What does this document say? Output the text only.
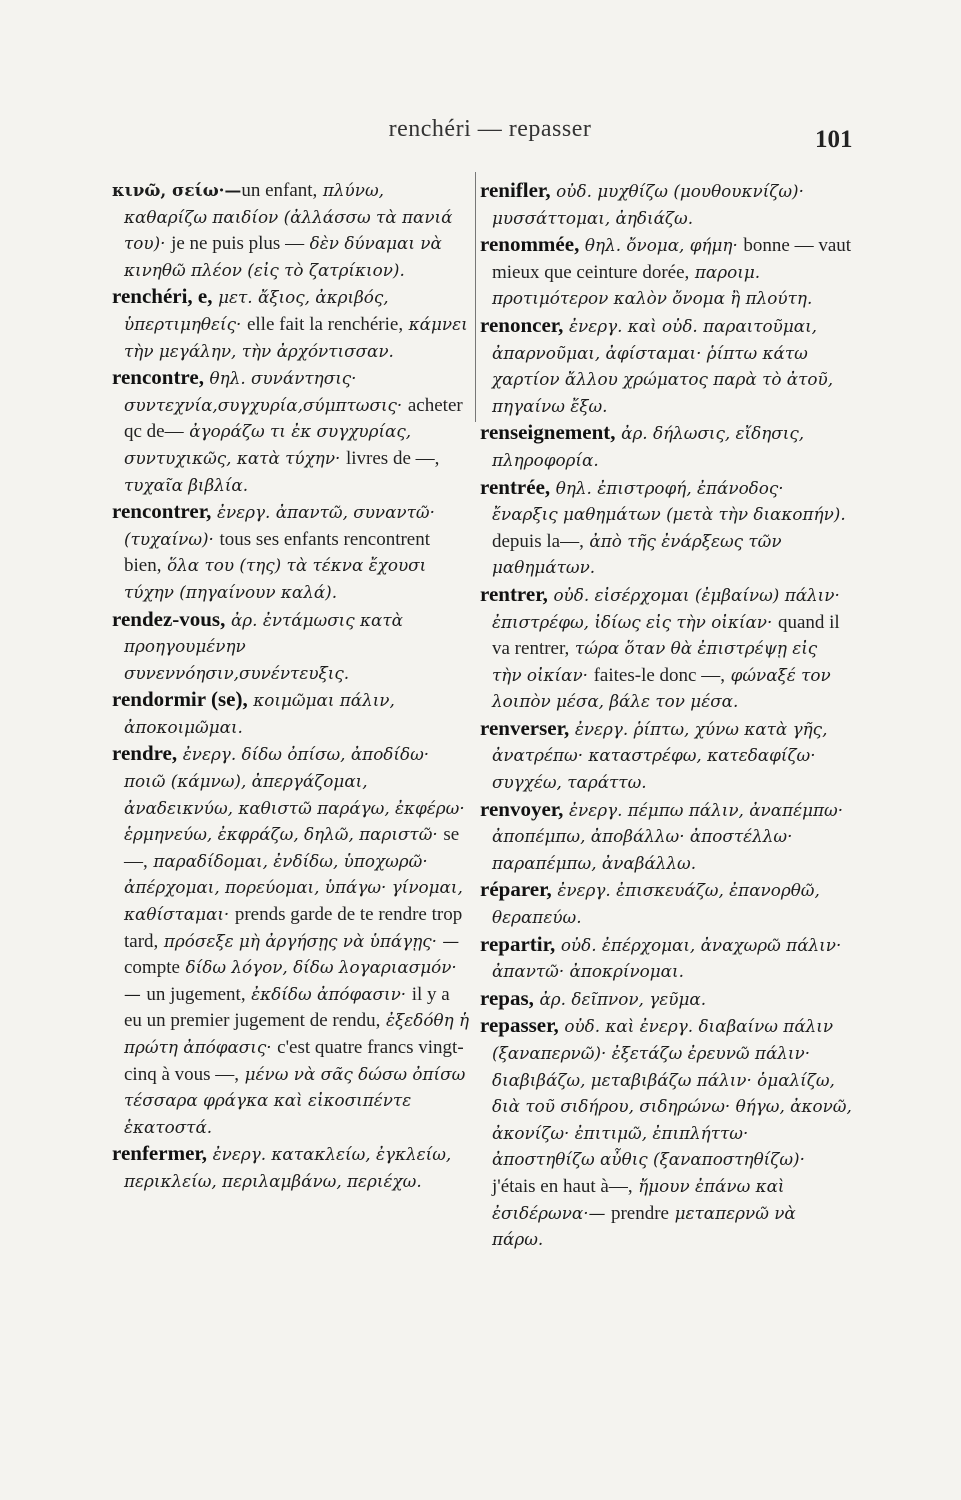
renchéri — repasser	101

κινῶ, σείω·—un enfant, πλύνω, καθαρίζω παιδίον (ἀλλάσσω τὰ πανιά του)· je ne puis plus — δὲν δύναμαι νὰ κινηθῶ πλέον (εἰς τὸ ζατρίκιον).

renchéri, e, μετ. ἄξιος, ἀκριβός, ὑπερτιμηθείς· elle fait la renchérie, κάμνει τὴν μεγάλην, τὴν ἀρχόντισσαν.

rencontre, θηλ. συνάντησις· συντεχνία,συγχυρία,σύμπτωσις· acheter qc de— ἀγοράζω τι ἐκ συγχυρίας, συντυχικῶς, κατὰ τύχην· livres de —, τυχαῖα βιβλία.

rencontrer, ἐνεργ. ἀπαντῶ, συναντῶ· (τυχαίνω)· tous ses enfants rencontrent bien, ὅλα του (της) τὰ τέκνα ἔχουσι τύχην (πηγαίνουν καλά).

rendez-vous, ἀρ. ἐντάμωσις κατὰ προηγουμένην συνεννόησιν,συνέντευξις.

rendormir (se), κοιμῶμαι πάλιν, ἀποκοιμῶμαι.

rendre, ἐνεργ. δίδω ὀπίσω, ἀποδίδω· ποιῶ (κάμνω), ἀπεργάζομαι, ἀναδεικνύω, καθιστῶ παράγω, ἐκφέρω· ἑρμηνεύω, ἐκφράζω, δηλῶ, παριστῶ· se —, παραδίδομαι, ἐνδίδω, ὑποχωρῶ· ἀπέρχομαι, πορεύομαι, ὑπάγω· γίνομαι, καθίσταμαι· prends garde de te rendre trop tard, πρόσεξε μὴ ἀργήσῃς νὰ ὑπάγῃς· — compte δίδω λόγον, δίδω λογαριασμόν· — un jugement, ἐκδίδω ἀπόφασιν· il y a eu un premier jugement de rendu, ἐξεδόθη ἡ πρώτη ἀπόφασις· c'est quatre francs vingt-cinq à vous —, μένω νὰ σᾶς δώσω ὀπίσω τέσσαρα φράγκα καὶ εἰκοσιπέντε ἑκατοστά.

renfermer, ἐνεργ. κατακλείω, ἐγκλείω, περικλείω, περιλαμβάνω, περιέχω.

renifler, οὐδ. μυχθίζω (μουθουκνίζω)· μυσσάττομαι, ἀηδιάζω.

renommée, θηλ. ὄνομα, φήμη· bonne — vaut mieux que ceinture dorée, παροιμ. προτιμότερον καλὸν ὄνομα ἢ πλούτη.

renoncer, ἐνεργ. καὶ οὐδ. παραιτοῦμαι, ἀπαρνοῦμαι, ἀφίσταμαι· ῥίπτω κάτω χαρτίον ἄλλου χρώματος παρὰ τὸ ἀτοῦ, πηγαίνω ἔξω.

renseignement, ἀρ. δήλωσις, εἴδησις, πληροφορία.

rentrée, θηλ. ἐπιστροφή, ἐπάνοδος· ἔναρξις μαθημάτων (μετὰ τὴν διακοπήν). depuis la—, ἀπὸ τῆς ἐνάρξεως τῶν μαθημάτων.

rentrer, οὐδ. εἰσέρχομαι (ἐμβαίνω) πάλιν· ἐπιστρέφω, ἰδίως εἰς τὴν οἰκίαν· quand il va rentrer, τώρα ὅταν θὰ ἐπιστρέψῃ εἰς τὴν οἰκίαν· faites-le donc —, φώναξέ τον λοιπὸν μέσα, βάλε τον μέσα.

renverser, ἐνεργ. ῥίπτω, χύνω κατὰ γῆς, ἀνατρέπω· καταστρέφω, κατεδαφίζω· συγχέω, ταράττω.

renvoyer, ἐνεργ. πέμπω πάλιν, ἀναπέμπω· ἀποπέμπω, ἀποβάλλω· ἀποστέλλω· παραπέμπω, ἀναβάλλω.

réparer, ἐνεργ. ἐπισκευάζω, ἐπανορθῶ, θεραπεύω.

repartir, οὐδ. ἐπέρχομαι, ἀναχωρῶ πάλιν· ἀπαντῶ· ἀποκρίνομαι.

repas, ἀρ. δεῖπνον, γεῦμα.

repasser, οὐδ. καὶ ἐνεργ. διαβαίνω πάλιν (ξαναπερνῶ)· ἐξετάζω ἐρευνῶ πάλιν· διαβιβάζω, μεταβιβάζω πάλιν· ὁμαλίζω, διὰ τοῦ σιδήρου, σιδηρώνω· θήγω, ἀκονῶ, ἀκονίζω· ἐπιτιμῶ, ἐπιπλήττω· ἀποστηθίζω αὖθις (ξαναποστηθίζω)· j'étais en haut à—, ἤμουν ἐπάνω καὶ ἐσιδέρωνα·— prendre μεταπερνῶ νὰ πάρω.
